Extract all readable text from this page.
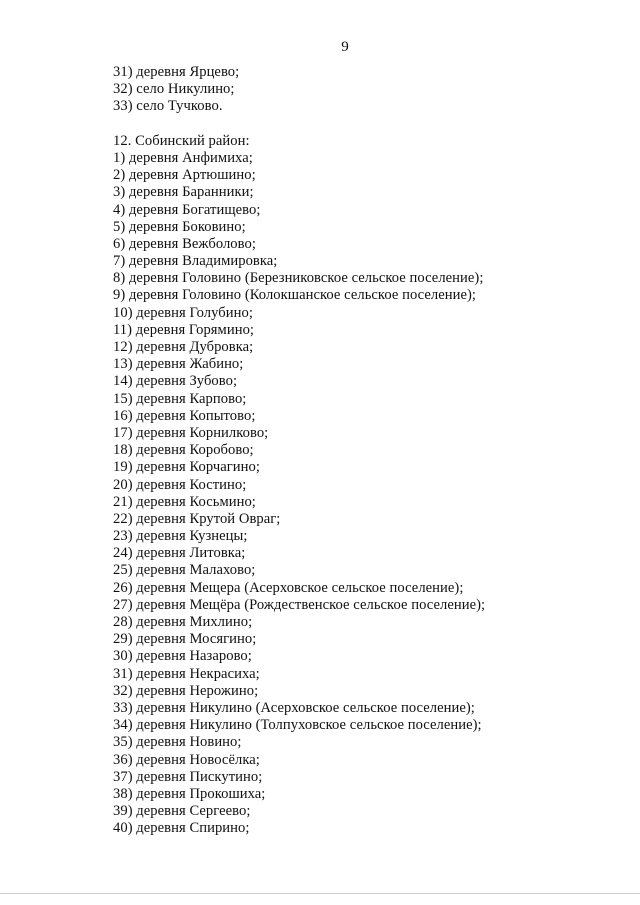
9
31) деревня Ярцево;
32) село Никулино;
33) село Тучково.
12. Собинский район:
1) деревня Анфимиха;
2) деревня Артюшино;
3) деревня Баранники;
4) деревня Богатищево;
5) деревня Боковино;
6) деревня Вежболово;
7) деревня Владимировка;
8) деревня Головино (Березниковское сельское поселение);
9) деревня Головино (Колокшанское сельское поселение);
10) деревня Голубино;
11) деревня Горямино;
12) деревня Дубровка;
13) деревня Жабино;
14) деревня Зубово;
15) деревня Карпово;
16) деревня Копытово;
17) деревня Корнилково;
18) деревня Коробово;
19) деревня Корчагино;
20) деревня Костино;
21) деревня Косьмино;
22) деревня Крутой Овраг;
23) деревня Кузнецы;
24) деревня Литовка;
25) деревня Малахово;
26) деревня Мещера (Асерховское сельское поселение);
27) деревня Мещёра (Рождественское сельское поселение);
28) деревня Михлино;
29) деревня Мосягино;
30) деревня Назарово;
31) деревня Некрасиха;
32) деревня Нерожино;
33) деревня Никулино (Асерховское сельское поселение);
34) деревня Никулино (Толпуховское сельское поселение);
35) деревня Новино;
36) деревня Новосёлка;
37) деревня Пискутино;
38) деревня Прокошиха;
39) деревня Сергеево;
40) деревня Спирино;
